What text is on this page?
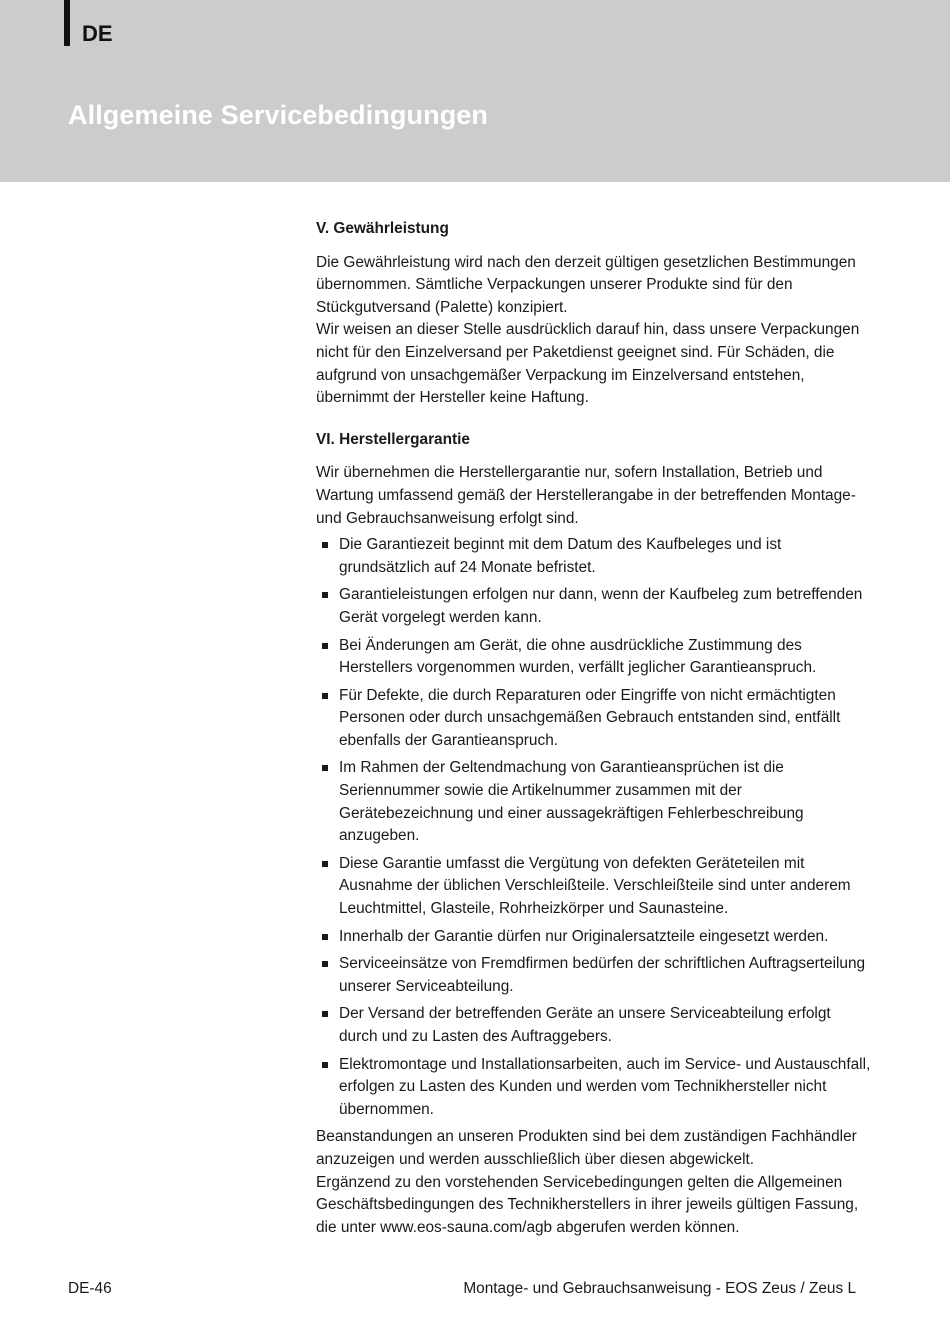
DE
Allgemeine Servicebedingungen
V. Gewährleistung

Die Gewährleistung wird nach den derzeit gültigen gesetzlichen Bestimmungen übernommen. Sämtliche Verpackungen unserer Produkte sind für den Stückgutversand (Palette) konzipiert.

Wir weisen an dieser Stelle ausdrücklich darauf hin, dass unsere Verpackungen nicht für den Einzelversand per Paketdienst geeignet sind. Für Schäden, die aufgrund von unsachgemäßer Verpackung im Einzelversand entstehen, übernimmt der Hersteller keine Haftung.

VI. Herstellergarantie

Wir übernehmen die Herstellergarantie nur, sofern Installation, Betrieb und Wartung umfassend gemäß der Herstellerangabe in der betreffenden Montage- und Gebrauchsanweisung erfolgt sind.

Die Garantiezeit beginnt mit dem Datum des Kaufbeleges und ist grundsätzlich auf 24 Monate befristet.
Garantieleistungen erfolgen nur dann, wenn der Kaufbeleg zum betreffenden Gerät vorgelegt werden kann.
Bei Änderungen am Gerät, die ohne ausdrückliche Zustimmung des Herstellers vorgenommen wurden, verfällt jeglicher Garantieanspruch.
Für Defekte, die durch Reparaturen oder Eingriffe von nicht ermächtigten Personen oder durch unsachgemäßen Gebrauch entstanden sind, entfällt ebenfalls der Garantieanspruch.
Im Rahmen der Geltendmachung von Garantieansprüchen ist die Seriennummer sowie die Artikelnummer zusammen mit der Gerätebezeichnung und einer aussagekräftigen Fehlerbeschreibung anzugeben.
Diese Garantie umfasst die Vergütung von defekten Geräteteilen mit Ausnahme der üblichen Verschleißteile. Verschleißteile sind unter anderem Leuchtmittel, Glasteile, Rohrheizkörper und Saunasteine.
Innerhalb der Garantie dürfen nur Originalersatzteile eingesetzt werden.
Serviceeinsätze von Fremdfirmen bedürfen der schriftlichen Auftragserteilung unserer Serviceabteilung.
Der Versand der betreffenden Geräte an unsere Serviceabteilung erfolgt durch und zu Lasten des Auftraggebers.
Elektromontage und Installationsarbeiten, auch im Service- und Austauschfall, erfolgen zu Lasten des Kunden und werden vom Technikhersteller nicht übernommen.

Beanstandungen an unseren Produkten sind bei dem zuständigen Fachhändler anzuzeigen und werden ausschließlich über diesen abgewickelt.

Ergänzend zu den vorstehenden Servicebedingungen gelten die Allgemeinen Geschäftsbedingungen des Technikherstellers in ihrer jeweils gültigen Fassung, die unter www.eos-sauna.com/agb abgerufen werden können.

DE-46	Montage- und Gebrauchsanweisung - EOS Zeus / Zeus L
